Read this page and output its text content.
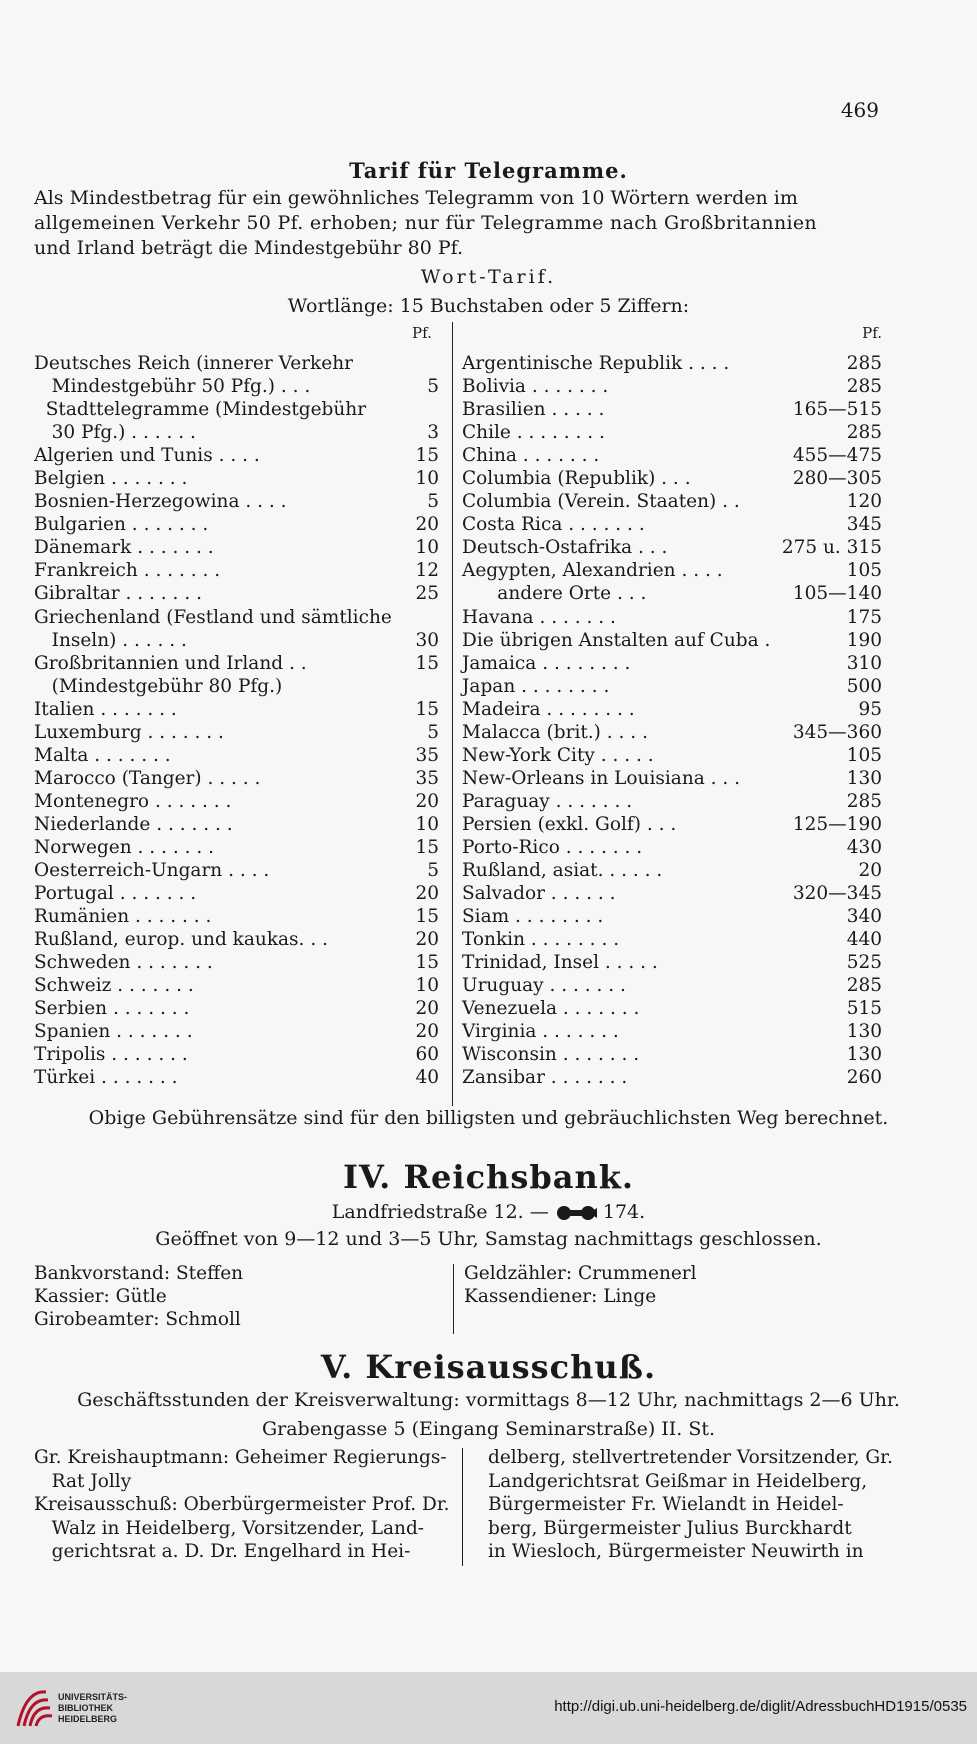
469
Tarif für Telegramme.
Als Mindestbetrag für ein gewöhnliches Telegramm von 10 Wörtern werden im
allgemeinen Verkehr 50 Pf. erhoben; nur für Telegramme nach Großbritannien
und Irland beträgt die Mindestgebühr 80 Pf.
Wort-Tarif.
Wortlänge: 15 Buchstaben oder 5 Ziffern:
Pf.	Pf.
Deutsches Reich (innerer Verkehr
Mindestgebühr 50 Pfg.) . . .	5
Stadttelegramme (Mindestgebühr
30 Pfg.) . . . . . .	3
Algerien und Tunis . . . .	15
Belgien . . . . . . .	10
Bosnien-Herzegowina . . . .	5
Bulgarien . . . . . . .	20
Dänemark . . . . . . .	10
Frankreich . . . . . . .	12
Gibraltar . . . . . . .	25
Griechenland (Festland und sämtliche
Inseln) . . . . . .	30
Großbritannien und Irland . .	15
(Mindestgebühr 80 Pfg.)
Italien . . . . . . .	15
Luxemburg . . . . . . .	5
Malta . . . . . . .	35
Marocco (Tanger) . . . . .	35
Montenegro . . . . . . .	20
Niederlande . . . . . . .	10
Norwegen . . . . . . .	15
Oesterreich-Ungarn . . . .	5
Portugal . . . . . . .	20
Rumänien . . . . . . .	15
Rußland, europ. und kaukas. . .	20
Schweden . . . . . . .	15
Schweiz . . . . . . .	10
Serbien . . . . . . .	20
Spanien . . . . . . .	20
Tripolis . . . . . . .	60
Türkei . . . . . . .	40
Argentinische Republik . . . .	285
Bolivia . . . . . . .	285
Brasilien . . . . .	165—515
Chile . . . . . . . .	285
China . . . . . . .	455—475
Columbia (Republik) . . .	280—305
Columbia (Verein. Staaten) . .	120
Costa Rica . . . . . . .	345
Deutsch-Ostafrika . . .	275 u. 315
Aegypten, Alexandrien . . . .	105
andere Orte . . .	105—140
Havana . . . . . . .	175
Die übrigen Anstalten auf Cuba .	190
Jamaica . . . . . . . .	310
Japan . . . . . . . .	500
Madeira . . . . . . . .	95
Malacca (brit.) . . . .	345—360
New-York City . . . . .	105
New-Orleans in Louisiana . . .	130
Paraguay . . . . . . .	285
Persien (exkl. Golf) . . .	125—190
Porto-Rico . . . . . . .	430
Rußland, asiat. . . . . .	20
Salvador . . . . . .	320—345
Siam . . . . . . . .	340
Tonkin . . . . . . . .	440
Trinidad, Insel . . . . .	525
Uruguay . . . . . . .	285
Venezuela . . . . . . .	515
Virginia . . . . . . .	130
Wisconsin . . . . . . .	130
Zansibar . . . . . . .	260
Obige Gebührensätze sind für den billigsten und gebräuchlichsten Weg berechnet.
IV. Reichsbank.
Landfriedstraße 12. —	174.
Geöffnet von 9—12 und 3—5 Uhr, Samstag nachmittags geschlossen.
Bankvorstand: Steffen
Kassier: Gütle
Girobeamter: Schmoll
Geldzähler: Crummenerl
Kassendiener: Linge
V. Kreisausschuß.
Geschäftsstunden der Kreisverwaltung: vormittags 8—12 Uhr, nachmittags 2—6 Uhr.
Grabengasse 5 (Eingang Seminarstraße) II. St.
Gr. Kreishauptmann: Geheimer Regierungs-
Rat Jolly
Kreisausschuß: Oberbürgermeister Prof. Dr.
Walz in Heidelberg, Vorsitzender, Land-
gerichtsrat a. D. Dr. Engelhard in Hei-
delberg, stellvertretender Vorsitzender, Gr.
Landgerichtsrat Geißmar in Heidelberg,
Bürgermeister Fr. Wielandt in Heidel-
berg, Bürgermeister Julius Burckhardt
in Wiesloch, Bürgermeister Neuwirth in
UNIVERSITÄTS-
BIBLIOTHEK
HEIDELBERG
http://digi.ub.uni-heidelberg.de/diglit/AdressbuchHD1915/0535
